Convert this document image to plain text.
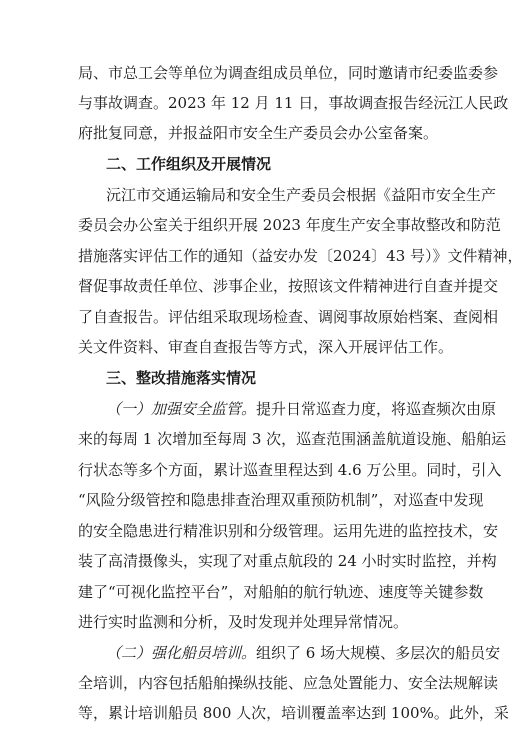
局、市总工会等单位为调查组成员单位，同时邀请市纪委监委参
与事故调查。2023 年 12 月 11 日，事故调查报告经沅江人民政
府批复同意，并报益阳市安全生产委员会办公室备案。
二、工作组织及开展情况
沅江市交通运输局和安全生产委员会根据《益阳市安全生产
委员会办公室关于组织开展 2023 年度生产安全事故整改和防范
措施落实评估工作的通知（益安办发〔2024〕43 号）》文件精神，
督促事故责任单位、涉事企业，按照该文件精神进行自查并提交
了自查报告。评估组采取现场检查、调阅事故原始档案、查阅相
关文件资料、审查自查报告等方式，深入开展评估工作。
三、整改措施落实情况
（一）加强安全监管。提升日常巡查力度，将巡查频次由原
来的每周 1 次增加至每周 3 次，巡查范围涵盖航道设施、船舶运
行状态等多个方面，累计巡查里程达到 4.6 万公里。同时，引入
“风险分级管控和隐患排查治理双重预防机制”，对巡查中发现
的安全隐患进行精准识别和分级管理。运用先进的监控技术，安
装了高清摄像头，实现了对重点航段的 24 小时实时监控，并构
建了“可视化监控平台”，对船舶的航行轨迹、速度等关键参数
进行实时监测和分析，及时发现并处理异常情况。
（二）强化船员培训。组织了 6 场大规模、多层次的船员安
全培训，内容包括船舶操纵技能、应急处置能力、安全法规解读
等，累计培训船员 800 人次，培训覆盖率达到 100%。此外，采
